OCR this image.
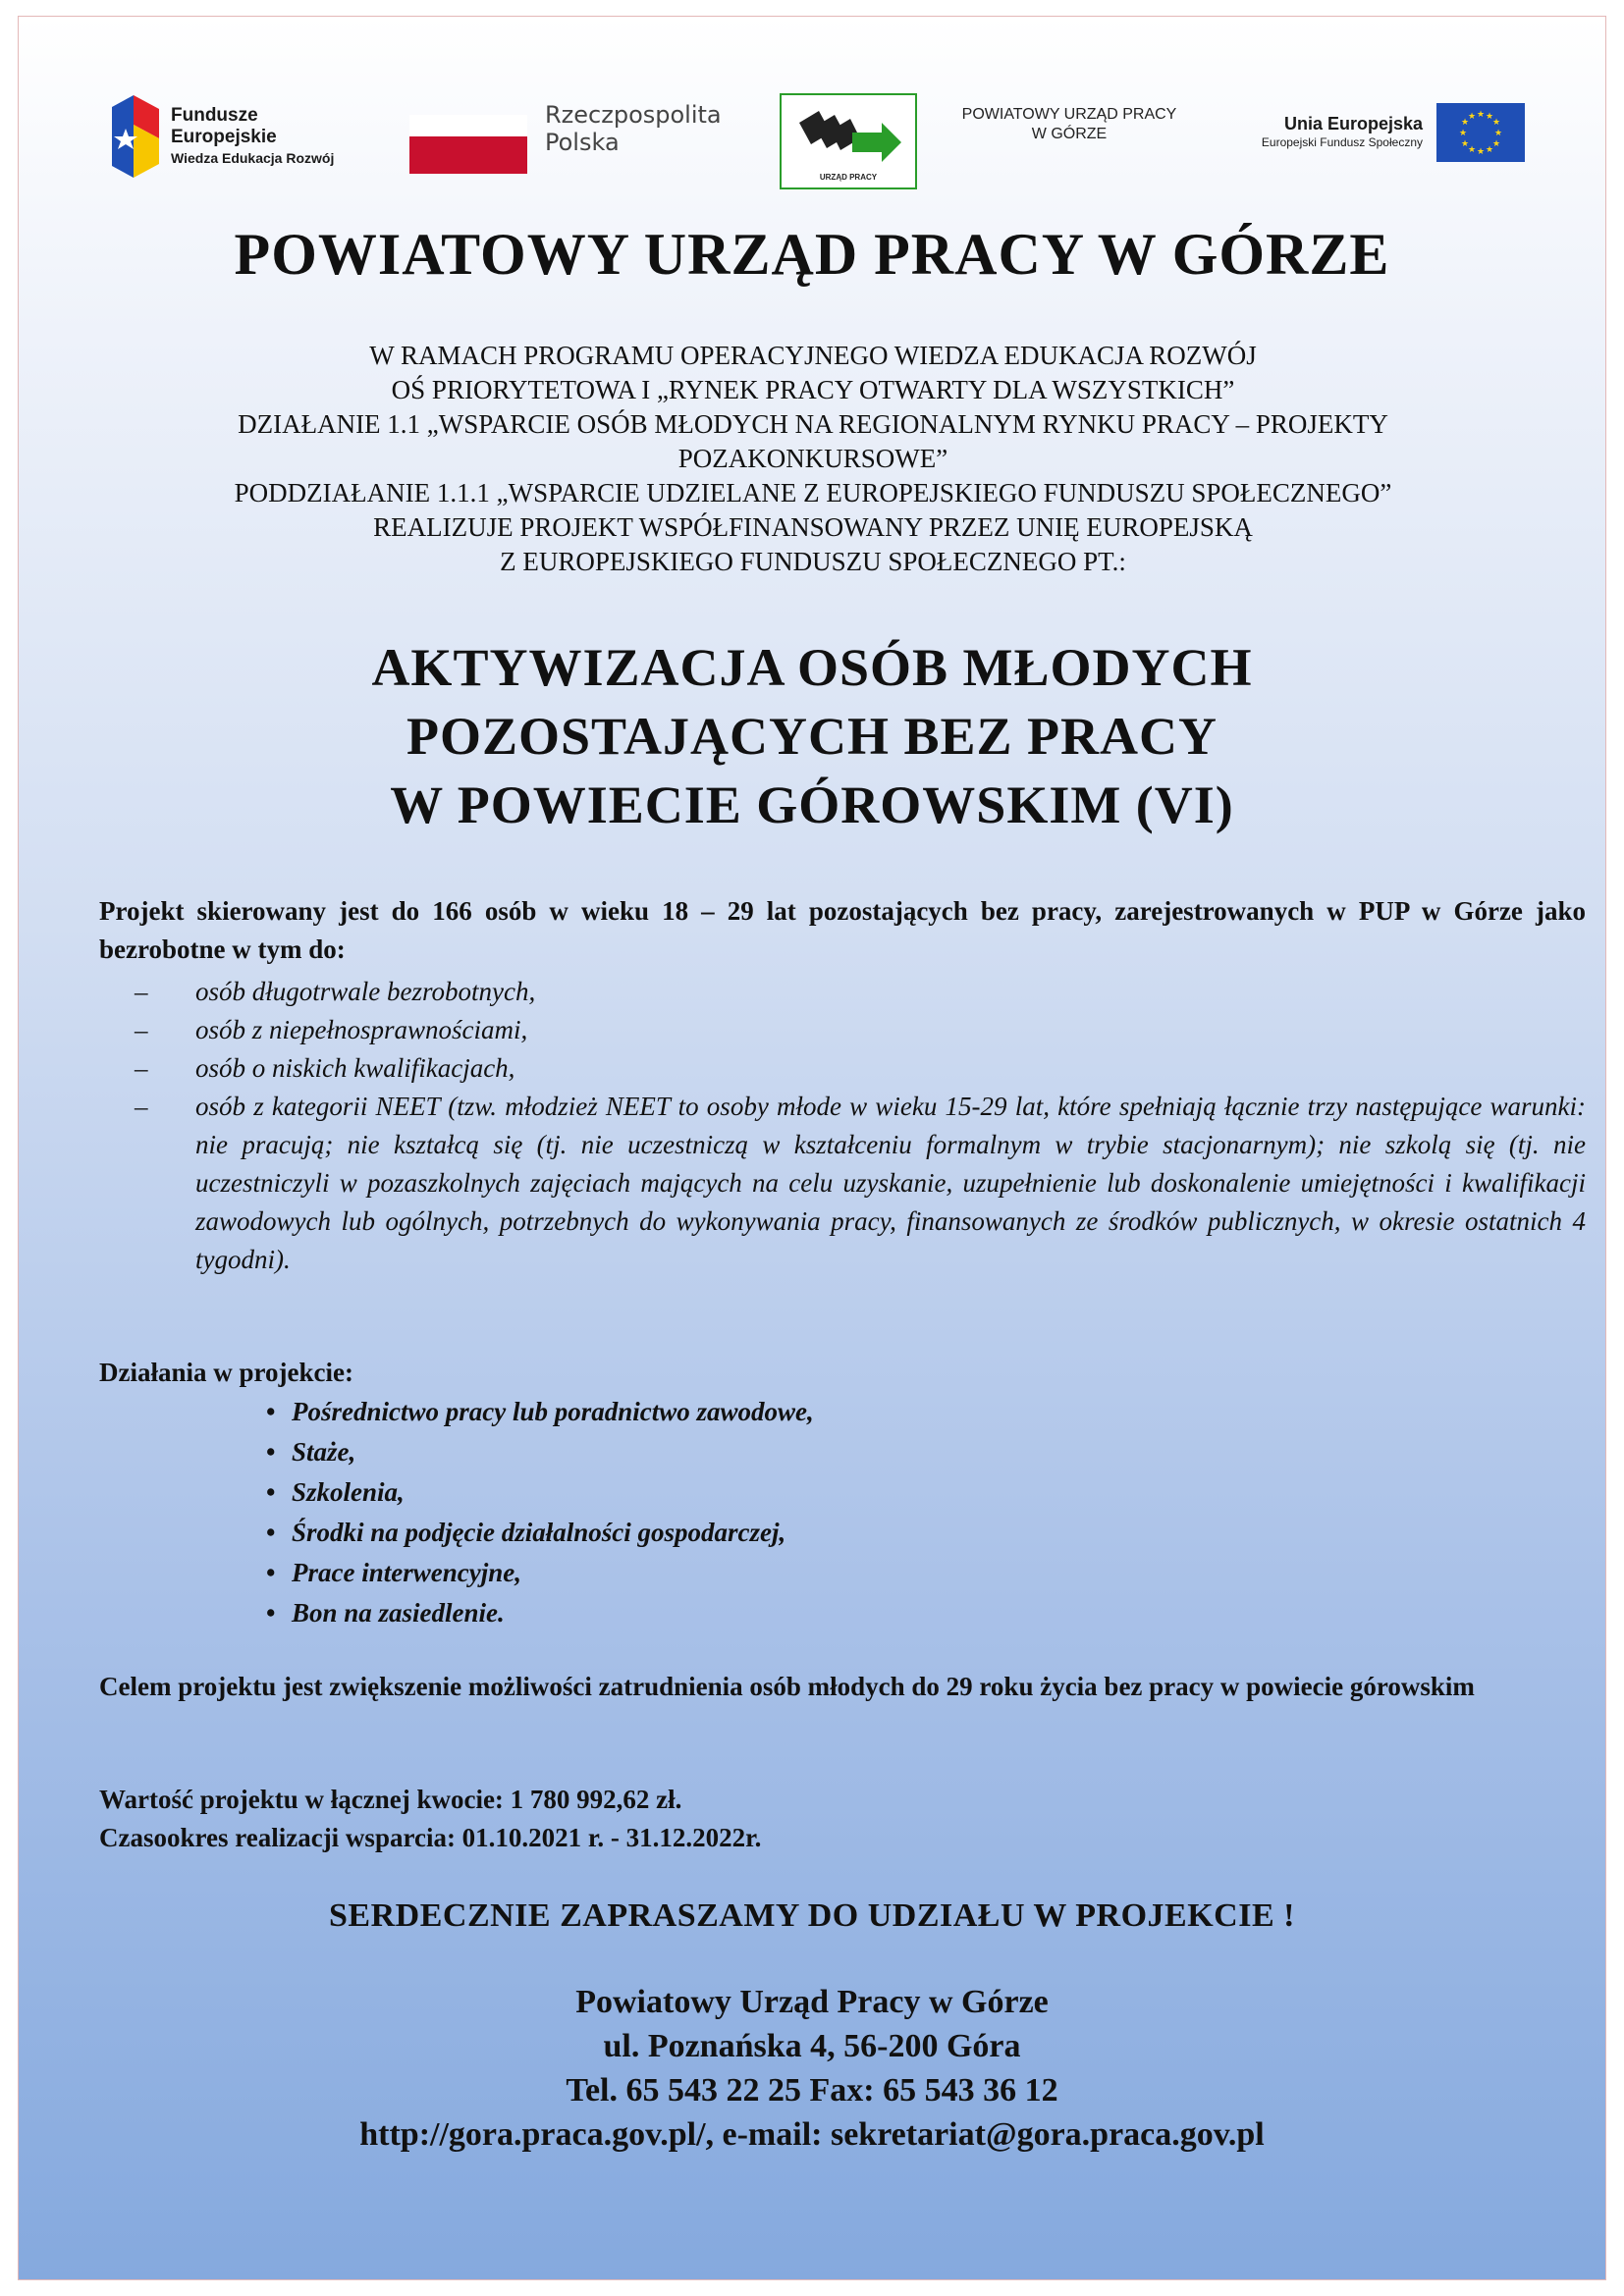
Fundusze
Europejskie
Wiedza Edukacja Rozwój
Rzeczpospolita
Polska
URZĄD PRACY
POWIATOWY URZĄD PRACY
W GÓRZE
Unia Europejska
Europejski Fundusz Społeczny
★ ★
★
★
★
★
★
★
★
★
★
★
POWIATOWY URZĄD PRACY W GÓRZE
W RAMACH PROGRAMU OPERACYJNEGO WIEDZA EDUKACJA ROZWÓJ
OŚ PRIORYTETOWA I „RYNEK PRACY OTWARTY DLA WSZYSTKICH”
DZIAŁANIE 1.1 „WSPARCIE OSÓB MŁODYCH NA REGIONALNYM RYNKU PRACY – PROJEKTY
POZAKONKURSOWE”
PODDZIAŁANIE 1.1.1 „WSPARCIE UDZIELANE Z EUROPEJSKIEGO FUNDUSZU SPOŁECZNEGO”
REALIZUJE PROJEKT WSPÓŁFINANSOWANY PRZEZ UNIĘ EUROPEJSKĄ
Z EUROPEJSKIEGO FUNDUSZU SPOŁECZNEGO PT.:
AKTYWIZACJA OSÓB MŁODYCH
POZOSTAJĄCYCH BEZ PRACY
W POWIECIE GÓROWSKIM (VI)
Projekt skierowany jest do 166 osób w wieku 18 – 29 lat pozostających bez pracy, zarejestrowanych w PUP w Górze jako bezrobotne w tym do:
– osób długotrwale bezrobotnych,
– osób z niepełnosprawnościami,
– osób o niskich kwalifikacjach,
– osób z kategorii NEET (tzw. młodzież NEET to osoby młode w wieku 15-29 lat, które spełniają łącznie trzy następujące warunki: nie pracują; nie kształcą się (tj. nie uczestniczą w kształceniu formalnym w trybie stacjonarnym); nie szkolą się (tj. nie uczestniczyli w pozaszkolnych zajęciach mających na celu uzyskanie, uzupełnienie lub doskonalenie umiejętności i kwalifikacji zawodowych lub ogólnych, potrzebnych do wykonywania pracy, finansowanych ze środków publicznych, w okresie ostatnich 4 tygodni).
Działania w projekcie:
• Pośrednictwo pracy lub poradnictwo zawodowe,
• Staże,
• Szkolenia,
• Środki na podjęcie działalności gospodarczej,
• Prace interwencyjne,
• Bon na zasiedlenie.
Celem projektu jest zwiększenie możliwości zatrudnienia osób młodych do 29 roku życia bez pracy w powiecie górowskim
Wartość projektu w łącznej kwocie: 1 780 992,62 zł.
Czasookres realizacji wsparcia: 01.10.2021 r. - 31.12.2022r.
SERDECZNIE ZAPRASZAMY DO UDZIAŁU W PROJEKCIE !
Powiatowy Urząd Pracy w Górze
ul. Poznańska 4, 56-200 Góra
Tel. 65 543 22 25 Fax: 65 543 36 12
http://gora.praca.gov.pl/, e-mail: sekretariat@gora.praca.gov.pl
